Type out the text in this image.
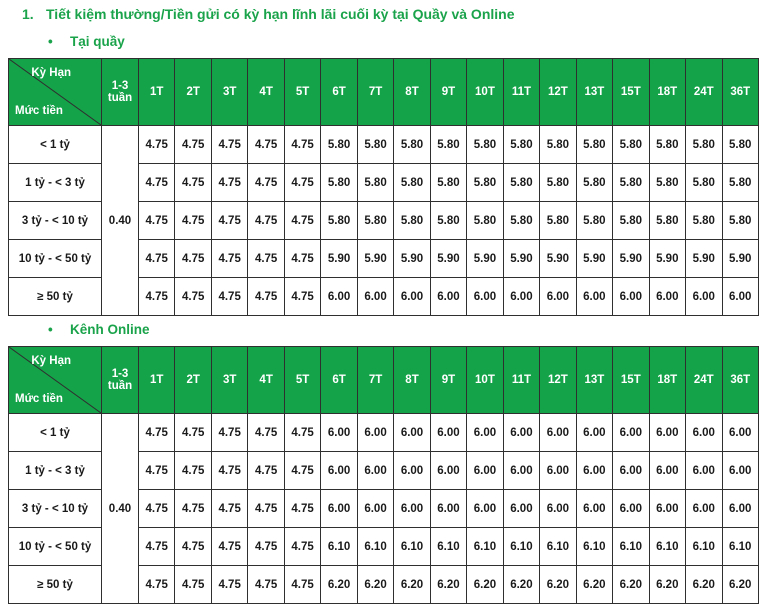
1. Tiết kiệm thường/Tiền gửi có kỳ hạn lĩnh lãi cuối kỳ tại Quầy và Online
• Tại quầy
Kỳ Hạn
Mức tiền	1-3
tuần	1T	2T	3T	4T	5T	6T	7T	8T	9T	10T	11T	12T	13T	15T	18T	24T	36T
< 1 tỷ	0.40	4.75	4.75	4.75	4.75	4.75	5.80	5.80	5.80	5.80	5.80	5.80	5.80	5.80	5.80	5.80	5.80	5.80
1 tỷ - < 3 tỷ		4.75	4.75	4.75	4.75	4.75	5.80	5.80	5.80	5.80	5.80	5.80	5.80	5.80	5.80	5.80	5.80	5.80
3 tỷ - < 10 tỷ		4.75	4.75	4.75	4.75	4.75	5.80	5.80	5.80	5.80	5.80	5.80	5.80	5.80	5.80	5.80	5.80	5.80
10 tỷ - < 50 tỷ		4.75	4.75	4.75	4.75	4.75	5.90	5.90	5.90	5.90	5.90	5.90	5.90	5.90	5.90	5.90	5.90	5.90
≥ 50 tỷ		4.75	4.75	4.75	4.75	4.75	6.00	6.00	6.00	6.00	6.00	6.00	6.00	6.00	6.00	6.00	6.00	6.00
• Kênh Online
Kỳ Hạn
Mức tiền	1-3
tuần	1T	2T	3T	4T	5T	6T	7T	8T	9T	10T	11T	12T	13T	15T	18T	24T	36T
< 1 tỷ	0.40	4.75	4.75	4.75	4.75	4.75	6.00	6.00	6.00	6.00	6.00	6.00	6.00	6.00	6.00	6.00	6.00	6.00
1 tỷ - < 3 tỷ		4.75	4.75	4.75	4.75	4.75	6.00	6.00	6.00	6.00	6.00	6.00	6.00	6.00	6.00	6.00	6.00	6.00
3 tỷ - < 10 tỷ		4.75	4.75	4.75	4.75	4.75	6.00	6.00	6.00	6.00	6.00	6.00	6.00	6.00	6.00	6.00	6.00	6.00
10 tỷ - < 50 tỷ		4.75	4.75	4.75	4.75	4.75	6.10	6.10	6.10	6.10	6.10	6.10	6.10	6.10	6.10	6.10	6.10	6.10
≥ 50 tỷ		4.75	4.75	4.75	4.75	4.75	6.20	6.20	6.20	6.20	6.20	6.20	6.20	6.20	6.20	6.20	6.20	6.20
